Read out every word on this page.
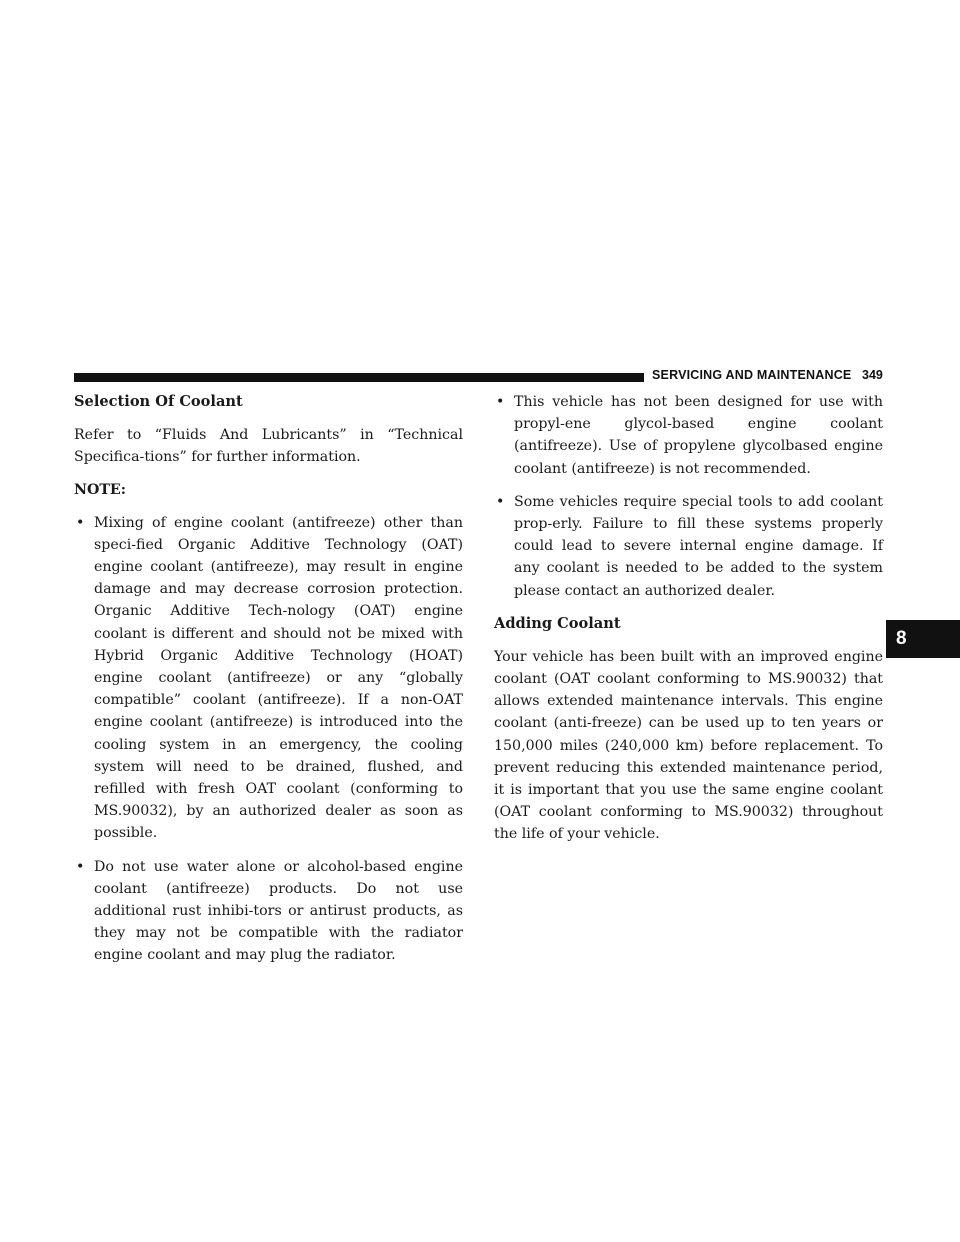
SERVICING AND MAINTENANCE 349
8
Selection Of Coolant

Refer to “Fluids And Lubricants” in “Technical Specifica-tions” for further information.

NOTE:
• Mixing of engine coolant (antifreeze) other than speci-fied Organic Additive Technology (OAT) engine coolant (antifreeze), may result in engine damage and may decrease corrosion protection. Organic Additive Tech-nology (OAT) engine coolant is different and should not be mixed with Hybrid Organic Additive Technology (HOAT) engine coolant (antifreeze) or any “globally compatible” coolant (antifreeze). If a non-OAT engine coolant (antifreeze) is introduced into the cooling system in an emergency, the cooling system will need to be drained, flushed, and refilled with fresh OAT coolant (conforming to MS.90032), by an authorized dealer as soon as possible.
• Do not use water alone or alcohol-based engine coolant (antifreeze) products. Do not use additional rust inhibi-tors or antirust products, as they may not be compatible with the radiator engine coolant and may plug the radiator.
• This vehicle has not been designed for use with propyl-ene glycol-based engine coolant (antifreeze). Use of propylene glycolbased engine coolant (antifreeze) is not recommended.
• Some vehicles require special tools to add coolant prop-erly. Failure to fill these systems properly could lead to severe internal engine damage. If any coolant is needed to be added to the system please contact an authorized dealer.
Adding Coolant

Your vehicle has been built with an improved engine coolant (OAT coolant conforming to MS.90032) that allows extended maintenance intervals. This engine coolant (anti-freeze) can be used up to ten years or 150,000 miles (240,000 km) before replacement. To prevent reducing this extended maintenance period, it is important that you use the same engine coolant (OAT coolant conforming to MS.90032) throughout the life of your vehicle.
